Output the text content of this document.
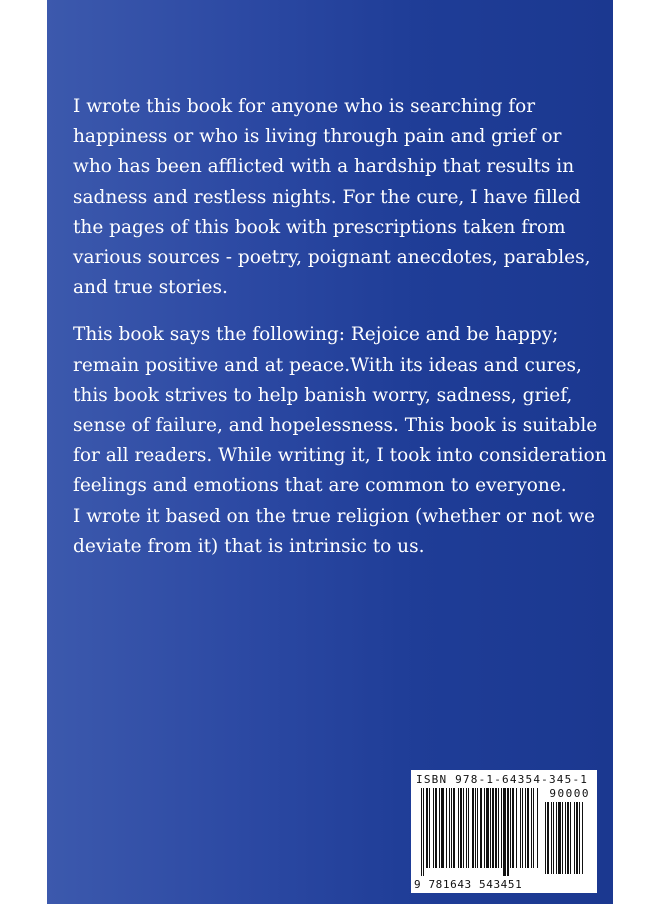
I wrote this book for anyone who is searching for
happiness or who is living through pain and grief or
who has been afflicted with a hardship that results in
sadness and restless nights. For the cure, I have filled
the pages of this book with prescriptions taken from
various sources - poetry, poignant anecdotes, parables,
and true stories.

This book says the following: Rejoice and be happy;
remain positive and at peace.With its ideas and cures,
this book strives to help banish worry, sadness, grief,
sense of failure, and hopelessness. This book is suitable
for all readers. While writing it, I took into consideration
feelings and emotions that are common to everyone.
I wrote it based on the true religion (whether or not we
deviate from it) that is intrinsic to us.

ISBN 978-1-64354-345-1
90000
9 781643 543451
